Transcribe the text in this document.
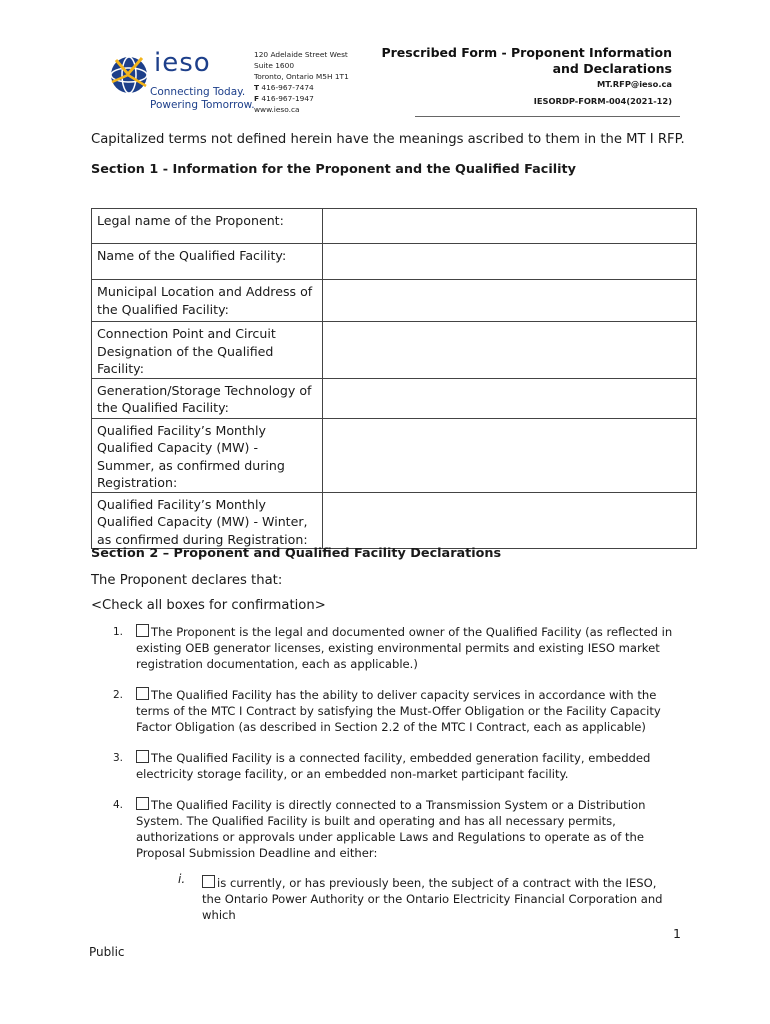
ieso
Connecting Today.
Powering Tomorrow.
120 Adelaide Street West
Suite 1600
Toronto, Ontario M5H 1T1
T 416-967-7474
F 416-967-1947
www.ieso.ca
Prescribed Form - Proponent Information
and Declarations
MT.RFP@ieso.ca
IESORDP-FORM-004(2021-12)
Capitalized terms not defined herein have the meanings ascribed to them in the MT I RFP.
Section 1 - Information for the Proponent and the Qualified Facility
Legal name of the Proponent:	
Name of the Qualified Facility:	
Municipal Location and Address of the Qualified Facility:	
Connection Point and Circuit Designation of the Qualified Facility:	
Generation/Storage Technology of the Qualified Facility:	
Qualified Facility’s Monthly Qualified Capacity (MW) - Summer, as confirmed during Registration:	
Qualified Facility’s Monthly Qualified Capacity (MW) - Winter, as confirmed during Registration:	
Section 2 – Proponent and Qualified Facility Declarations
The Proponent declares that:
<Check all boxes for confirmation>
1.	The Proponent is the legal and documented owner of the Qualified Facility (as reflected in existing OEB generator licenses, existing environmental permits and existing IESO market registration documentation, each as applicable.)
2.	The Qualified Facility has the ability to deliver capacity services in accordance with the terms of the MTC I Contract by satisfying the Must-Offer Obligation or the Facility Capacity Factor Obligation (as described in Section 2.2 of the MTC I Contract, each as applicable)
3.	The Qualified Facility is a connected facility, embedded generation facility, embedded electricity storage facility, or an embedded non-market participant facility.
4.	The Qualified Facility is directly connected to a Transmission System or a Distribution System. The Qualified Facility is built and operating and has all necessary permits, authorizations or approvals under applicable Laws and Regulations to operate as of the Proposal Submission Deadline and either:
i.	is currently, or has previously been, the subject of a contract with the IESO, the Ontario Power Authority or the Ontario Electricity Financial Corporation and which
1
Public
